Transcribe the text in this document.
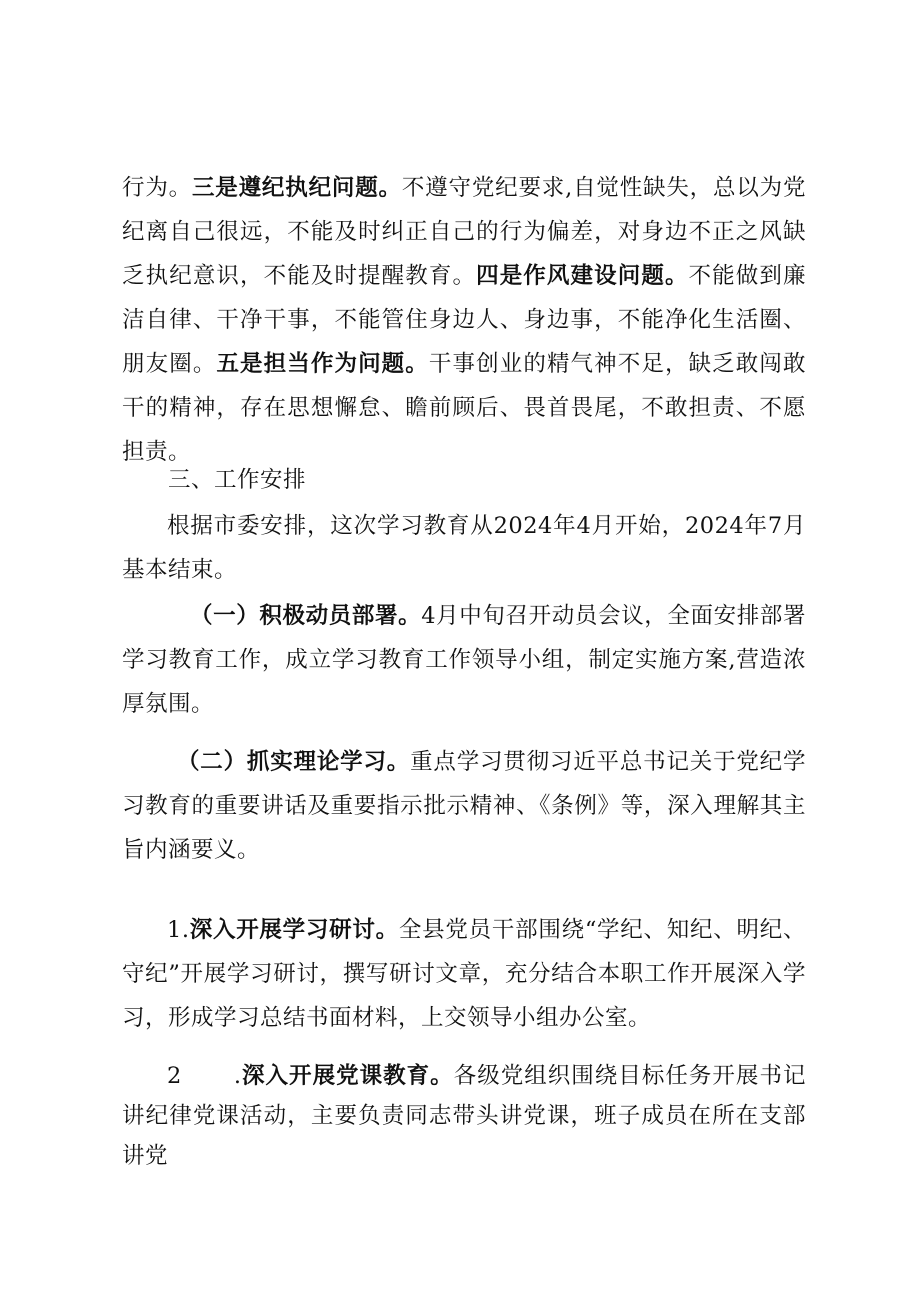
行为。三是遵纪执纪问题。不遵守党纪要求,自觉性缺失，总以为党纪离自己很远，不能及时纠正自己的行为偏差，对身边不正之风缺乏执纪意识，不能及时提醒教育。四是作风建设问题。不能做到廉洁自律、干净干事，不能管住身边人、身边事，不能净化生活圈、朋友圈。五是担当作为问题。干事创业的精气神不足，缺乏敢闯敢干的精神，存在思想懈怠、瞻前顾后、畏首畏尾，不敢担责、不愿担责。

三、工作安排

根据市委安排，这次学习教育从2024年4月开始，2024年7月基本结束。

（一）积极动员部署。4月中旬召开动员会议，全面安排部署学习教育工作，成立学习教育工作领导小组，制定实施方案,营造浓厚氛围。

（二）抓实理论学习。重点学习贯彻习近平总书记关于党纪学习教育的重要讲话及重要指示批示精神、《条例》等，深入理解其主旨内涵要义。

1.深入开展学习研讨。全县党员干部围绕“学纪、知纪、明纪、守纪”开展学习研讨，撰写研讨文章，充分结合本职工作开展深入学习，形成学习总结书面材料，上交领导小组办公室。

2 .深入开展党课教育。各级党组织围绕目标任务开展书记讲纪律党课活动，主要负责同志带头讲党课，班子成员在所在支部讲党
